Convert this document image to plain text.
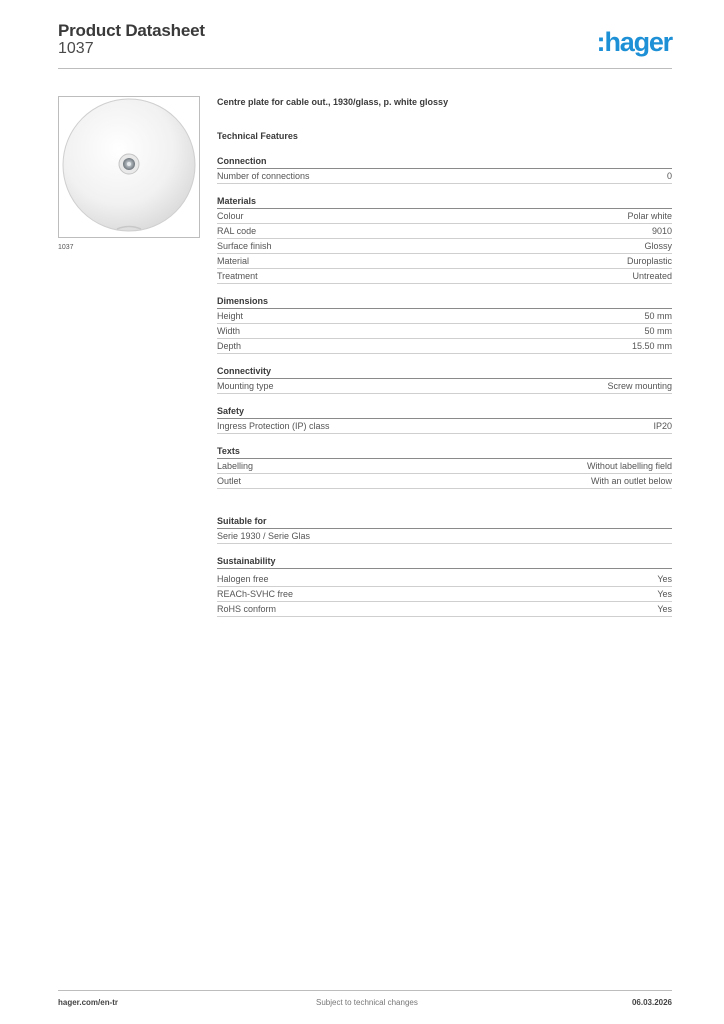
Product Datasheet
1037	:hager
1037
Centre plate for cable out., 1930/glass, p. white glossy
Technical Features
Connection
Number of connections	0
Materials
Colour	Polar white
RAL code	9010
Surface finish	Glossy
Material	Duroplastic
Treatment	Untreated
Dimensions
Height	50 mm
Width	50 mm
Depth	15.50 mm
Connectivity
Mounting type	Screw mounting
Safety
Ingress Protection (IP) class	IP20
Texts
Labelling	Without labelling field
Outlet	With an outlet below
Suitable for
Serie 1930 / Serie Glas
Sustainability
Halogen free	Yes
REACh-SVHC free	Yes
RoHS conform	Yes
hager.com/en-tr	Subject to technical changes	06.03.2026
